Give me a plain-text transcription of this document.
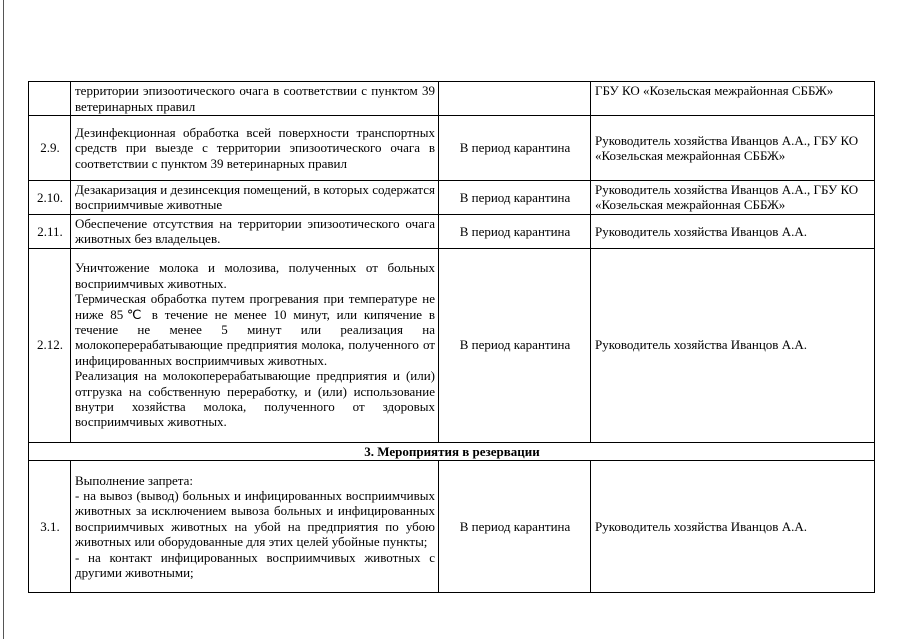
	территории эпизоотического очага в соответствии с пунктом 39 ветеринарных правил		ГБУ КО «Козельская межрайонная СББЖ»
2.9.	Дезинфекционная обработка всей поверхности транспортных средств при выезде с территории эпизоотического очага в соответствии с пунктом 39 ветеринарных правил	В период карантина	Руководитель хозяйства Иванцов А.А., ГБУ КО «Козельская межрайонная СББЖ»
2.10.	Дезакаризация и дезинсекция помещений, в которых содержатся восприимчивые животные	В период карантина	Руководитель хозяйства Иванцов А.А., ГБУ КО «Козельская межрайонная СББЖ»
2.11.	Обеспечение отсутствия на территории эпизоотического очага животных без владельцев.	В период карантина	Руководитель хозяйства Иванцов А.А.
2.12.	Уничтожение молока и молозива, полученных от больных восприимчивых животных.
Термическая обработка путем прогревания при температуре не ниже 85℃ в течение не менее 10 минут, или кипячение в течение не менее 5 минут или реализация на молокоперерабатывающие предприятия молока, полученного от инфицированных восприимчивых животных.
Реализация на молокоперерабатывающие предприятия и (или) отгрузка на собственную переработку, и (или) использование внутри хозяйства молока, полученного от здоровых восприимчивых животных.	В период карантина	Руководитель хозяйства Иванцов А.А.
3. Мероприятия в резервации			
3.1.	Выполнение запрета:
- на вывоз (вывод) больных и инфицированных восприимчивых животных за исключением вывоза больных и инфицированных восприимчивых животных на убой на предприятия по убою животных или оборудованные для этих целей убойные пункты;
- на контакт инфицированных восприимчивых животных с другими животными;	В период карантина	Руководитель хозяйства Иванцов А.А.
